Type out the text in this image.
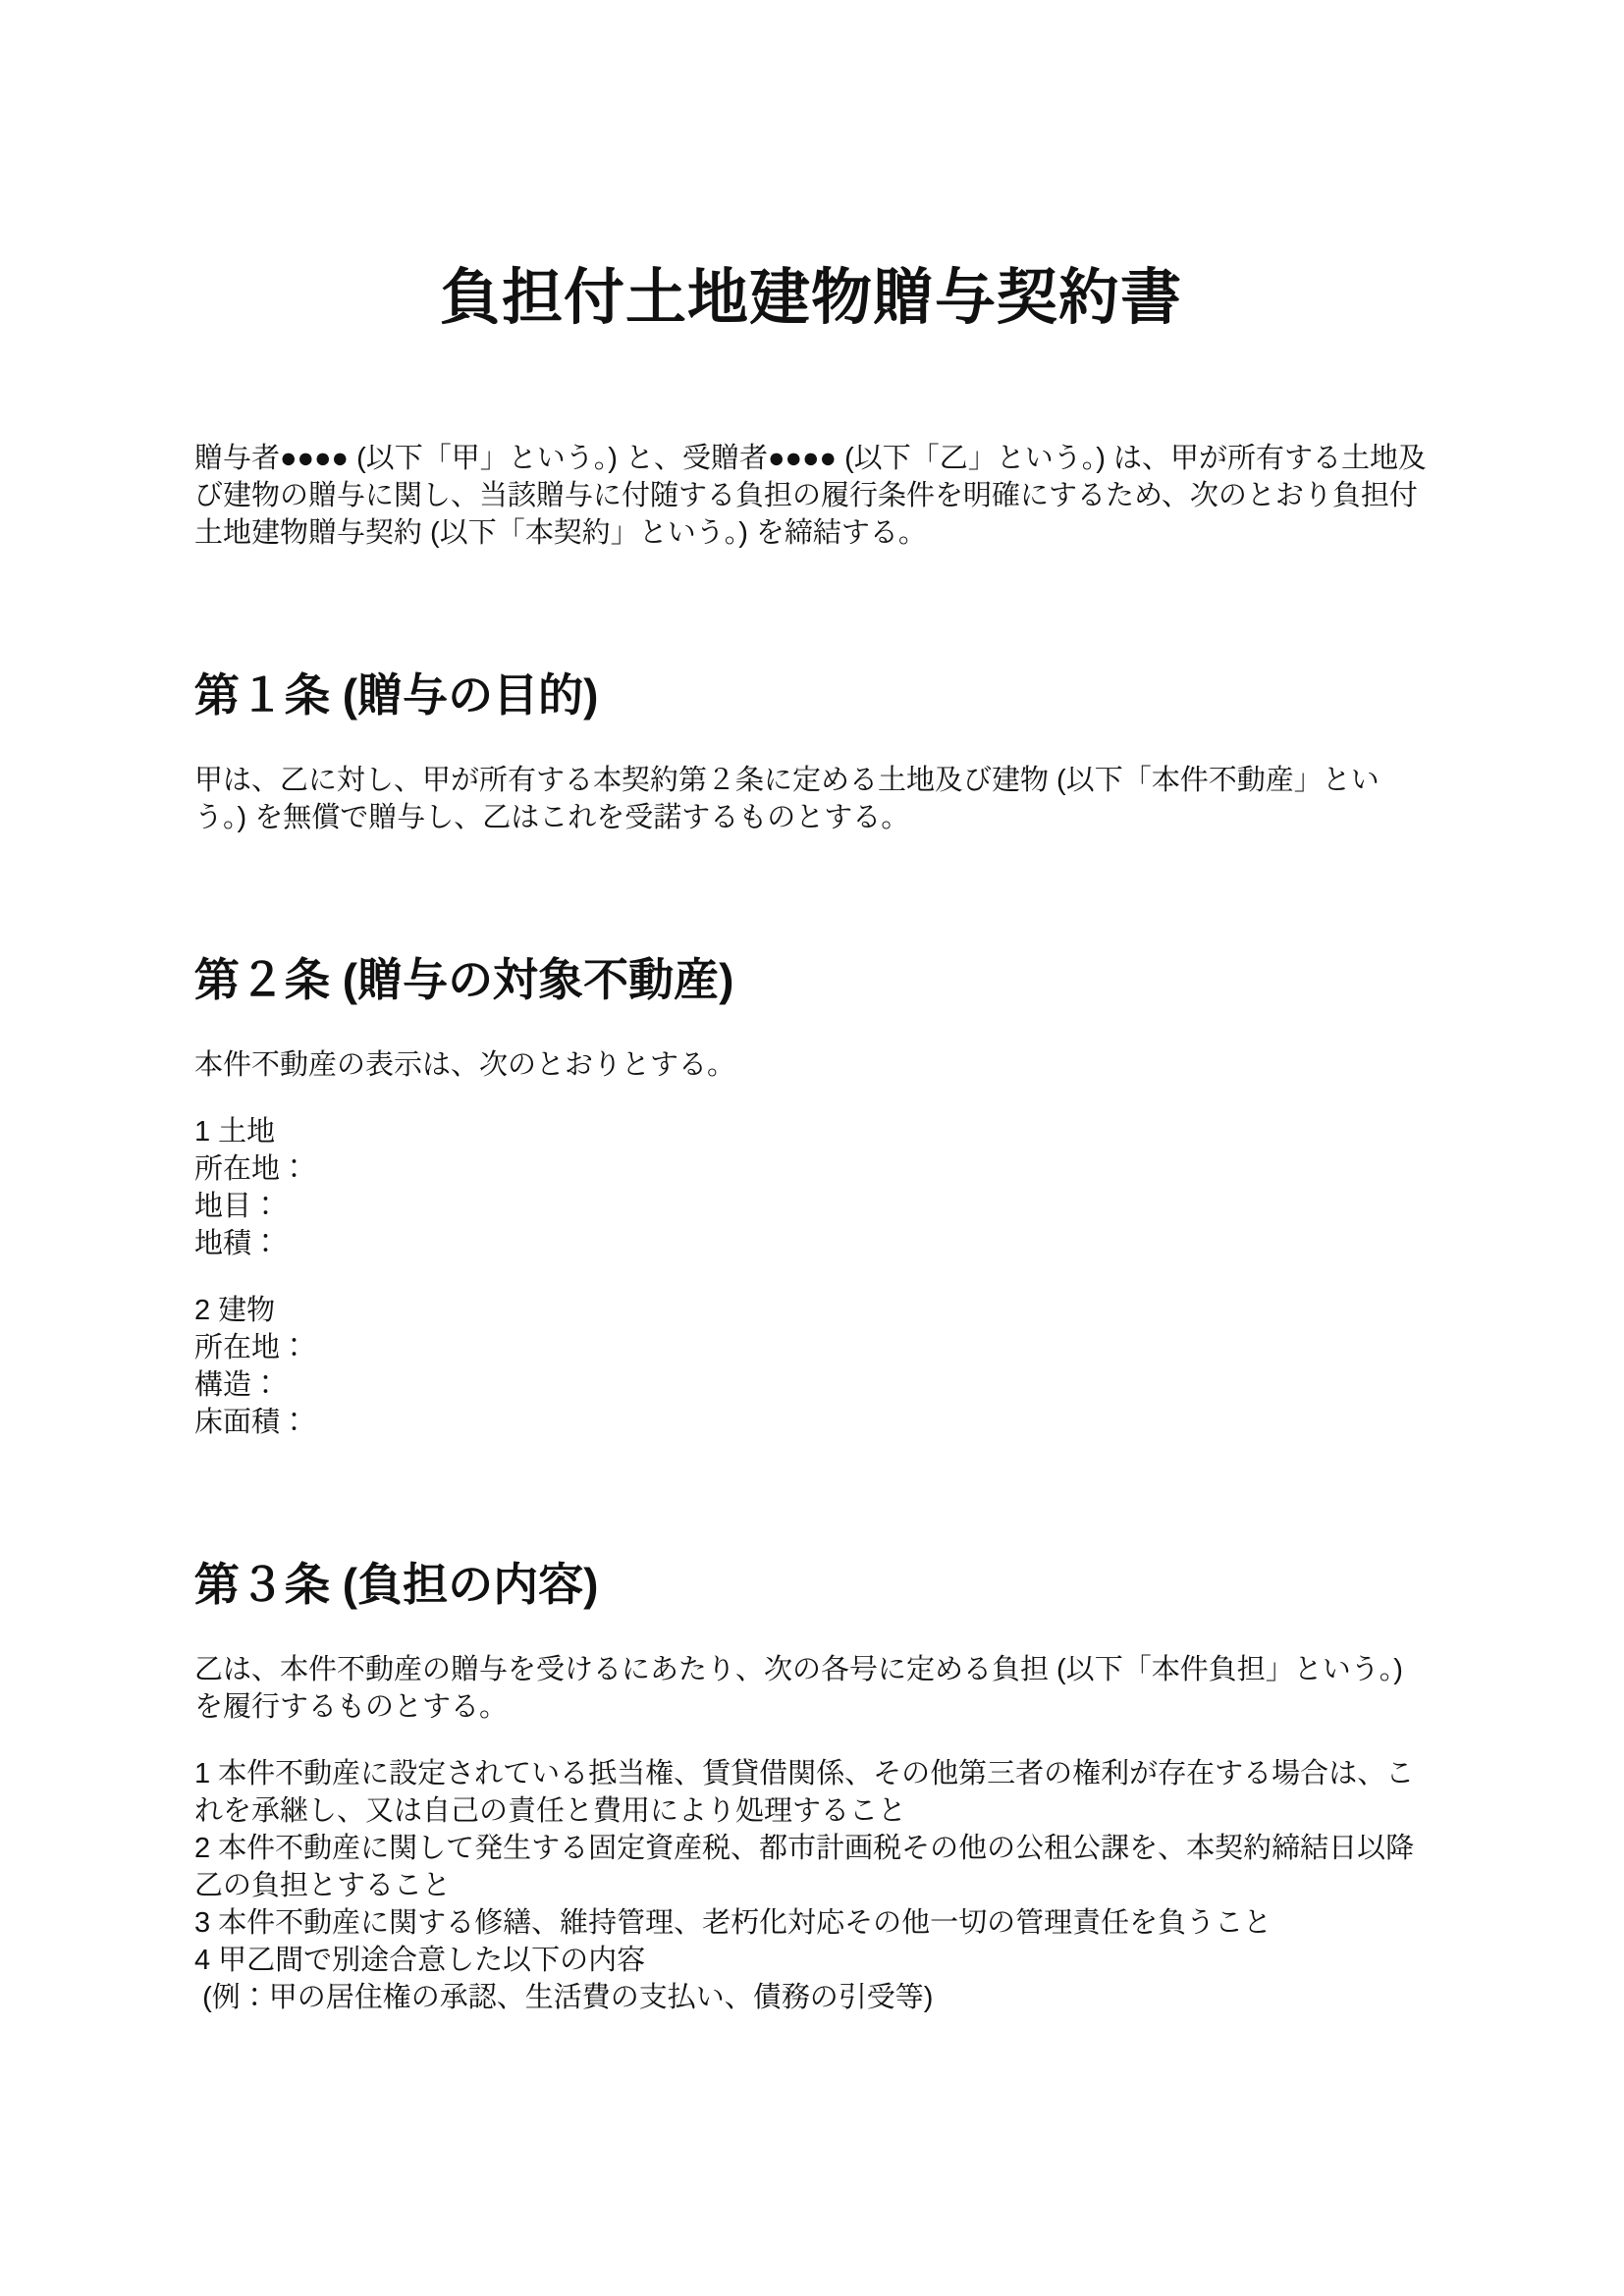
負担付土地建物贈与契約書

贈与者●●●● (以下「甲」という。) と、受贈者●●●● (以下「乙」という。) は、甲が所有する土地及び建物の贈与に関し、当該贈与に付随する負担の履行条件を明確にするため、次のとおり負担付土地建物贈与契約 (以下「本契約」という。) を締結する。

第１条 (贈与の目的)

甲は、乙に対し、甲が所有する本契約第２条に定める土地及び建物 (以下「本件不動産」という。) を無償で贈与し、乙はこれを受諾するものとする。

第２条 (贈与の対象不動産)

本件不動産の表示は、次のとおりとする。

1 土地

所在地：

地目：

地積：

2 建物

所在地：

構造：

床面積：

第３条 (負担の内容)

乙は、本件不動産の贈与を受けるにあたり、次の各号に定める負担 (以下「本件負担」という。) を履行するものとする。

1 本件不動産に設定されている抵当権、賃貸借関係、その他第三者の権利が存在する場合は、これを承継し、又は自己の責任と費用により処理すること

2 本件不動産に関して発生する固定資産税、都市計画税その他の公租公課を、本契約締結日以降乙の負担とすること

3 本件不動産に関する修繕、維持管理、老朽化対応その他一切の管理責任を負うこと

4 甲乙間で別途合意した以下の内容

(例：甲の居住権の承認、生活費の支払い、債務の引受等)
